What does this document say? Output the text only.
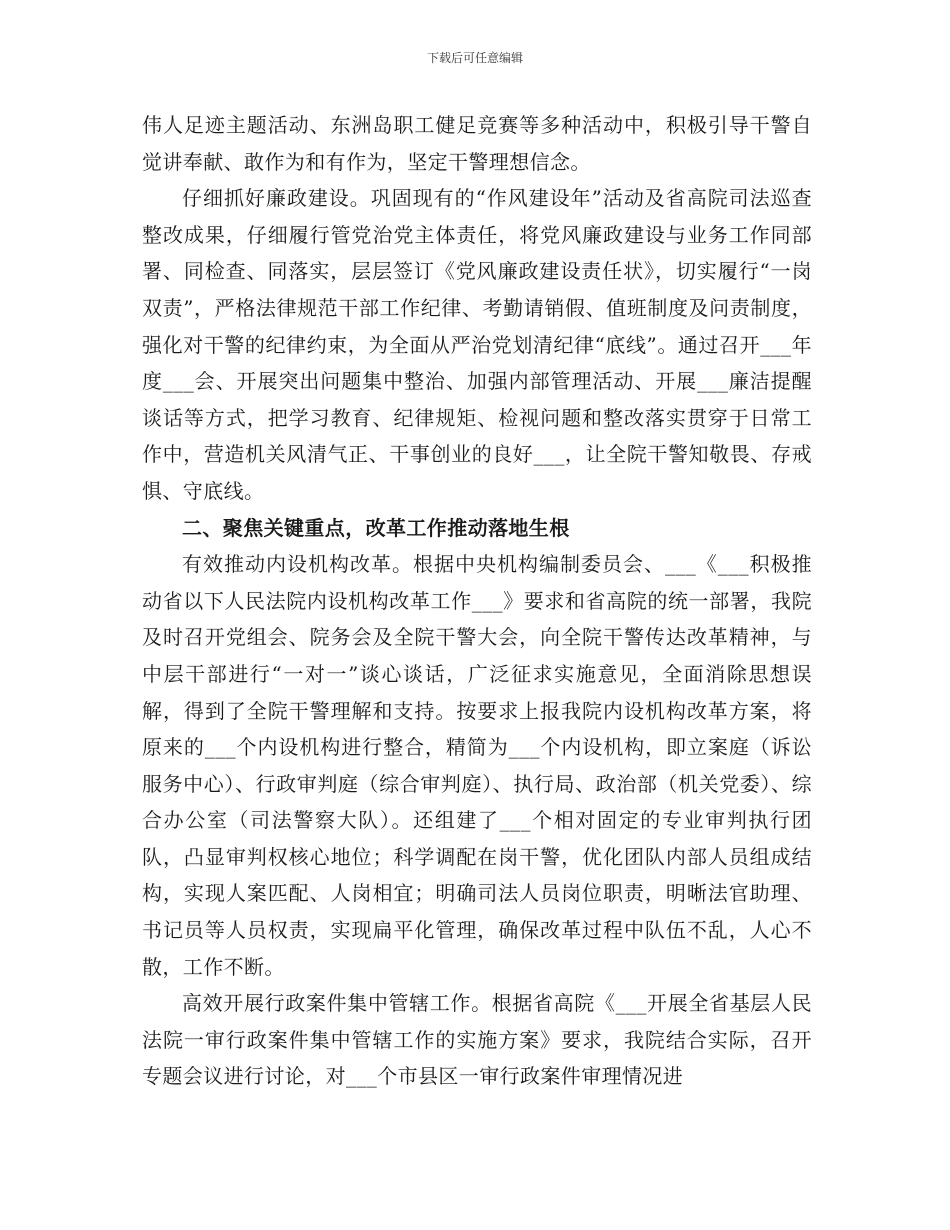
下载后可任意编辑

伟人足迹主题活动、东洲岛职工健足竞赛等多种活动中，积极引导干警自觉讲奉献、敢作为和有作为，坚定干警理想信念。

仔细抓好廉政建设。巩固现有的“作风建设年”活动及省高院司法巡查整改成果，仔细履行管党治党主体责任，将党风廉政建设与业务工作同部署、同检查、同落实，层层签订《党风廉政建设责任状》，切实履行“一岗双责”，严格法律规范干部工作纪律、考勤请销假、值班制度及问责制度，强化对干警的纪律约束，为全面从严治党划清纪律“底线”。通过召开___年度___会、开展突出问题集中整治、加强内部管理活动、开展___廉洁提醒谈话等方式，把学习教育、纪律规矩、检视问题和整改落实贯穿于日常工作中，营造机关风清气正、干事创业的良好___，让全院干警知敬畏、存戒惧、守底线。

二、聚焦关键重点，改革工作推动落地生根

有效推动内设机构改革。根据中央机构编制委员会、___《___积极推动省以下人民法院内设机构改革工作___》要求和省高院的统一部署，我院及时召开党组会、院务会及全院干警大会，向全院干警传达改革精神，与中层干部进行“一对一”谈心谈话，广泛征求实施意见，全面消除思想误解，得到了全院干警理解和支持。按要求上报我院内设机构改革方案，将原来的___个内设机构进行整合，精简为___个内设机构，即立案庭（诉讼服务中心）、行政审判庭（综合审判庭）、执行局、政治部（机关党委）、综合办公室（司法警察大队）。还组建了___个相对固定的专业审判执行团队，凸显审判权核心地位；科学调配在岗干警，优化团队内部人员组成结构，实现人案匹配、人岗相宜；明确司法人员岗位职责，明晰法官助理、书记员等人员权责，实现扁平化管理，确保改革过程中队伍不乱，人心不散，工作不断。

高效开展行政案件集中管辖工作。根据省高院《___开展全省基层人民法院一审行政案件集中管辖工作的实施方案》要求，我院结合实际，召开专题会议进行讨论，对___个市县区一审行政案件审理情况进
